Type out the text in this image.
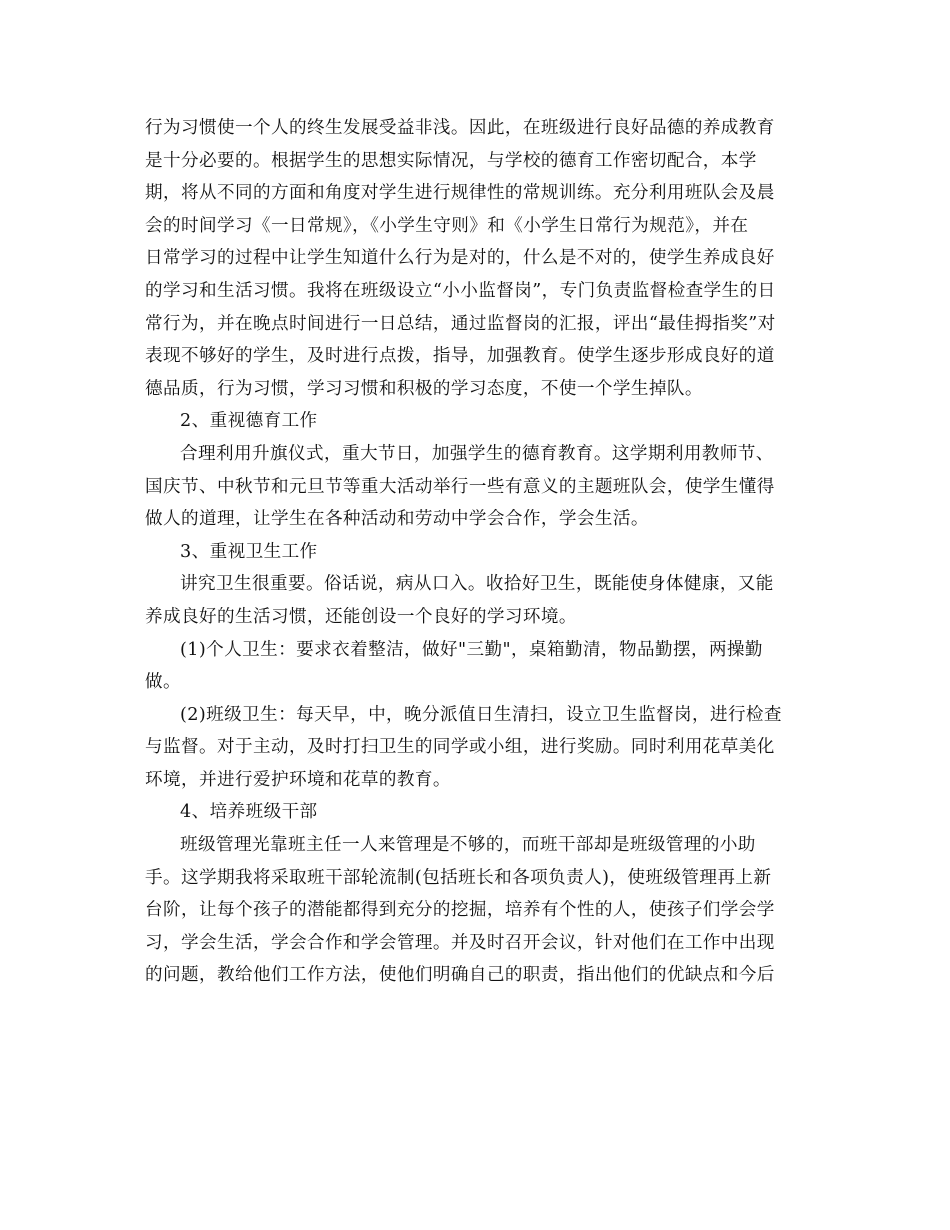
行为习惯使一个人的终生发展受益非浅。因此，在班级进行良好品德的养成教育
是十分必要的。根据学生的思想实际情况，与学校的德育工作密切配合，本学
期，将从不同的方面和角度对学生进行规律性的常规训练。充分利用班队会及晨
会的时间学习《一日常规》，《小学生守则》和《小学生日常行为规范》，并在
日常学习的过程中让学生知道什么行为是对的，什么是不对的，使学生养成良好
的学习和生活习惯。我将在班级设立“小小监督岗”，专门负责监督检查学生的日
常行为，并在晚点时间进行一日总结，通过监督岗的汇报，评出“最佳拇指奖”对
表现不够好的学生，及时进行点拨，指导，加强教育。使学生逐步形成良好的道
德品质，行为习惯，学习习惯和积极的学习态度，不使一个学生掉队。
2、重视德育工作
合理利用升旗仪式，重大节日，加强学生的德育教育。这学期利用教师节、
国庆节、中秋节和元旦节等重大活动举行一些有意义的主题班队会，使学生懂得
做人的道理，让学生在各种活动和劳动中学会合作，学会生活。
3、重视卫生工作
讲究卫生很重要。俗话说，病从口入。收拾好卫生，既能使身体健康，又能
养成良好的生活习惯，还能创设一个良好的学习环境。
(1)个人卫生：要求衣着整洁，做好"三勤"，桌箱勤清，物品勤摆，两操勤
做。
(2)班级卫生：每天早，中，晚分派值日生清扫，设立卫生监督岗，进行检查
与监督。对于主动，及时打扫卫生的同学或小组，进行奖励。同时利用花草美化
环境，并进行爱护环境和花草的教育。
4、培养班级干部
班级管理光靠班主任一人来管理是不够的，而班干部却是班级管理的小助
手。这学期我将采取班干部轮流制(包括班长和各项负责人)，使班级管理再上新
台阶，让每个孩子的潜能都得到充分的挖掘，培养有个性的人，使孩子们学会学
习，学会生活，学会合作和学会管理。并及时召开会议，针对他们在工作中出现
的问题，教给他们工作方法，使他们明确自己的职责，指出他们的优缺点和今后
